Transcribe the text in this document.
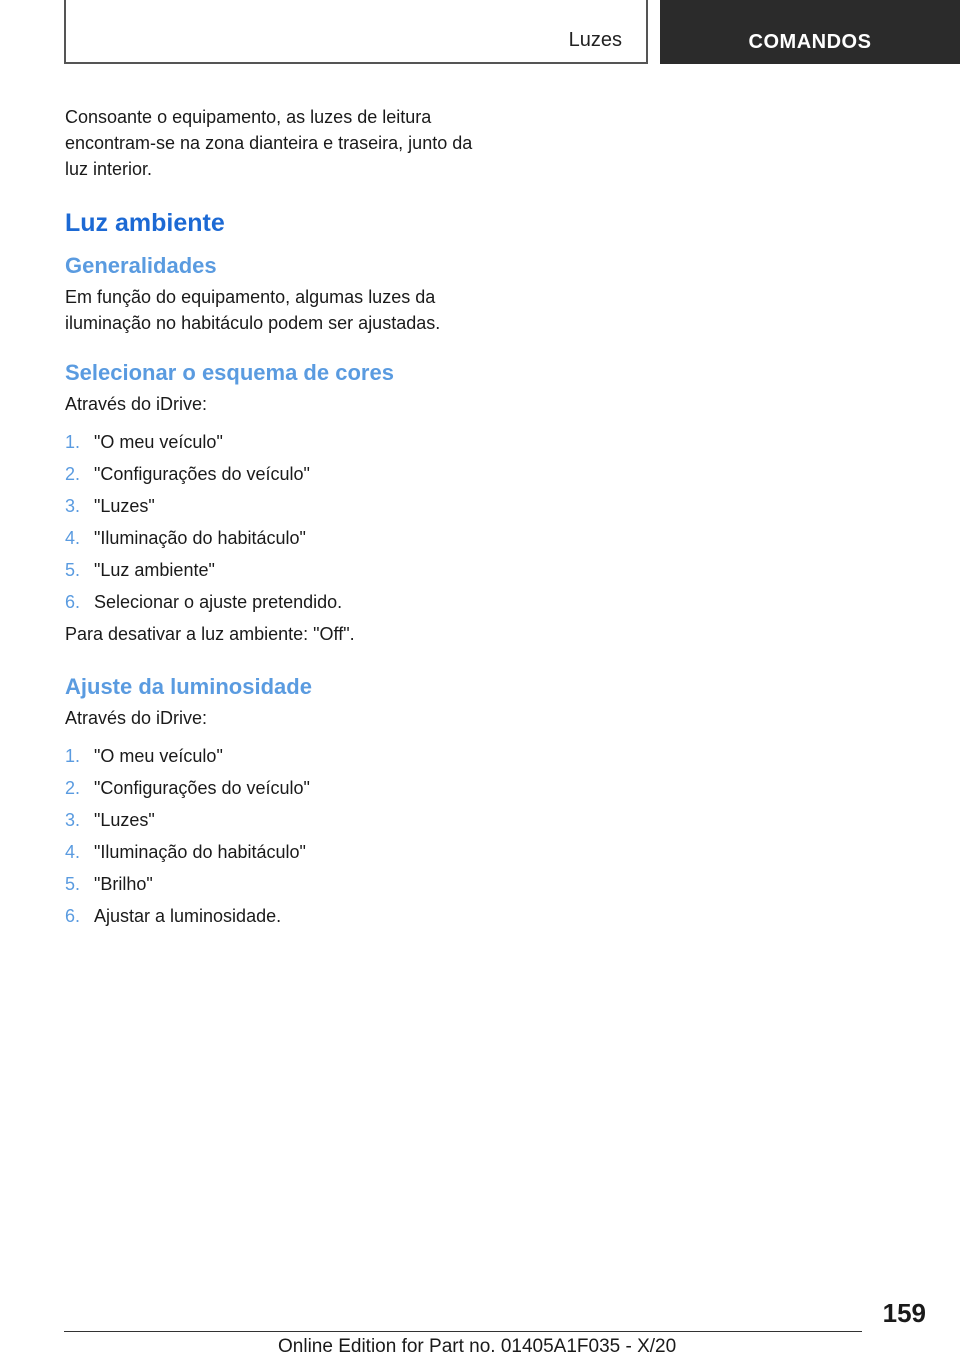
Luzes	COMANDOS

Consoante o equipamento, as luzes de leitura encontram-se na zona dianteira e traseira, junto da luz interior.

Luz ambiente
Generalidades

Em função do equipamento, algumas luzes da iluminação no habitáculo podem ser ajustadas.

Selecionar o esquema de cores

Através do iDrive:

1. "O meu veículo"
2. "Configurações do veículo"
3. "Luzes"
4. "Iluminação do habitáculo"
5. "Luz ambiente"
6. Selecionar o ajuste pretendido.

Para desativar a luz ambiente: "Off".

Ajuste da luminosidade

Através do iDrive:

1. "O meu veículo"
2. "Configurações do veículo"
3. "Luzes"
4. "Iluminação do habitáculo"
5. "Brilho"
6. Ajustar a luminosidade.
159
Online Edition for Part no. 01405A1F035 - X/20
